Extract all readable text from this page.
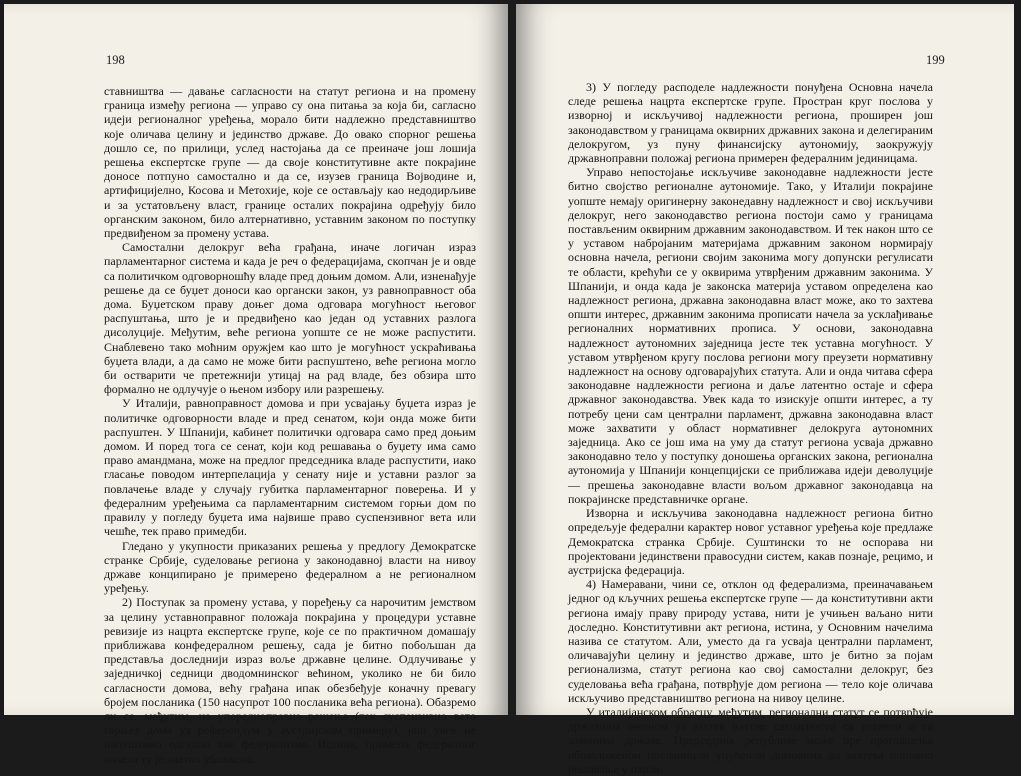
198

ставништва — давање сагласности на статут региона и на промену граница између региона — управо су она питања за која би, сагласно идеји регионалног уређења, морало бити надлежно представништво које оличава целину и јединство државе. До овако спорног решења дошло се, по прилици, услед настојања да се преиначе још лошија решења експертске групе — да своје конститутивне акте покрајине доносе потпуно самостално и да се, изузев граница Војводине и, артифицијелно, Косова и Метохије, које се остављају као недодирљиве и за устатовљену власт, границе осталих покрајина одређују било органским законом, било алтернативно, уставним законом по поступку предвиђеном за промену устава.

Самостални делокруг већа грађана, иначе логичан израз парламентарног система и када је реч о федерацијама, скопчан је и овде са политичком одговорношћу владе пред доњим домом. Али, изненађује решење да се буџет доноси као органски закон, уз равноправност оба дома. Буџетском праву доњег дома одговара могућност његовог распуштања, што је и предвиђено као један од уставних разлога дисолуције. Међутим, веће региона уопште се не може распустити. Снаблевено тако моћним оружјем као што је могућност ускраћивања буџета влади, а да само не може бити распуштено, веће региона могло би остварити че претежнији утицај на рад владе, без обзира што формално не одлучује о њеном избору или разрешењу.

У Италији, равноправност домова и при усвајању буџета израз је политичке одговорности владе и пред сенатом, који онда може бити распуштен. У Шпанији, кабинет политички одговара само пред доњим домом. И поред тога се сенат, који код решавања о буџету има само право амандмана, може на предлог председника владе распустити, иако гласање поводом интерпелација у сенату није и уставни разлог за повлачење владе у случају губитка парламентарног поверења. И у федералним уређењима са парламентарним системом горњи дом по правилу у погледу буџета има највише право суспензивног вета или чешће, тек право примедби.

Гледано у укупности приказаних решења у предлогу Демократске странке Србије, суделовање региона у законодавној власти на нивоу државе конципирано је примерено федералном а не регионалном уређењу.

2) Поступак за промену устава, у поређењу са нарочитим јемством за целину уставноправног положаја покрајина у процедури уставне ревизије из нацрта експертске групе, које се по практичном домашају приближава конфедералном решењу, сада је битно побољшан да представља доследнији израз вољe државне целине. Одлучивање у заједничкој седници дводомнинског већином, уколико не би било сагласности домова, већу грађана ипак обезбеђује коначну превагу бројем посланика (150 насупрот 100 посланика већа региона). Обазремо ли се, међутим, на упоредноправна решења (тек суспензивно вето горњег дома уз референдум у аустријском примеру), још увек не напуштамо одсудно тле федерализма. Истина, примена федералног начела ту је знатно ублажена.

199

3) У погледу расподеле надлежности понуђена Основна начела следе решења нацрта експертске групе. Простран круг послова у изворној и искључивој надлежности региона, проширен још законодавством у границама оквирних државних закона и делегираним делокругом, уз пуну финансијску аутономију, заокружују државноправни положај региона примерен федералним јединицама.

Управо непостојање искључиве законодавне надлежности јесте битно својство регионалне аутономије. Тако, у Италији покрајине уопште немају оригинерну законедавну надлежност и свој искључиви делокруг, него законодавство региона постоји само у границама постављеним оквирним државним законодавством. И тек након што се у уставом набројаним материјама државним законом нормирају основна начела, региони својим законима могу допунски регулисати те области, крећући се у оквирима утврђеним државним законима. У Шпанији, и онда када је законска материја уставом определена као надлежност региона, државна законодавна власт може, ако то захтева општи интерес, државним законима прописати начела за усклађивање регионалних нормативних прописа. У основи, законодавна надлежност аутономних заједница јесте тек уставна могућност. У уставом утврђеном кругу послова региони могу преузети нормативну надлежност на основу одговарајућих статута. Али и онда читава сфера законодавне надлежности региона и даље латентно остаје и сфера државног законодавства. Увек када то изискује општи интерес, а ту потребу цени сам централни парламент, државна законодавна власт може захватити у област нормативнег делокруга аутономних заједница. Ако се још има на уму да статут региона усваја државно законодавно тело у поступку доношења органских закона, регионална аутономија у Шпанији концепцијски се приближава идеји деволуције — прешења законодавне власти вољом државног законодавца на покрајинске представничке органе.

Изворна и искључива законодавна надлежност региона битно опредељује федерални карактер новог уставног уређења које предлаже Демократска странка Србије. Суштински то не оспорава ни пројектовани јединствени правосудни систем, какав познаје, рецимо, и аустријска федерација.

4) Намеравани, чини се, отклон од федерализма, преиначавањем једног од кључних решења експертске групе — да конститутивни акти региона имају праву природу устава, нити је учињен ваљано нити доследно. Конститутивни акт региона, истина, у Основним начелима назива се статутом. Али, уместо да га усваја централни парламент, оличавајући целину и јединство државе, што је битно за појам регионализма, статут региона као свој самостални делокруг, без суделовања већа грађана, потврђује дом региона — тело које оличава искључиво представништво региона на нивоу целине.

У италијанском обрасцу, међутим, регионални статут се потврђује државним законом уз захтев његове сагласности са уставом и са законима државе. Председник републике може пре проглашења образложеном посланицом упућеном домовима да захтева поновно решавање у парла-
